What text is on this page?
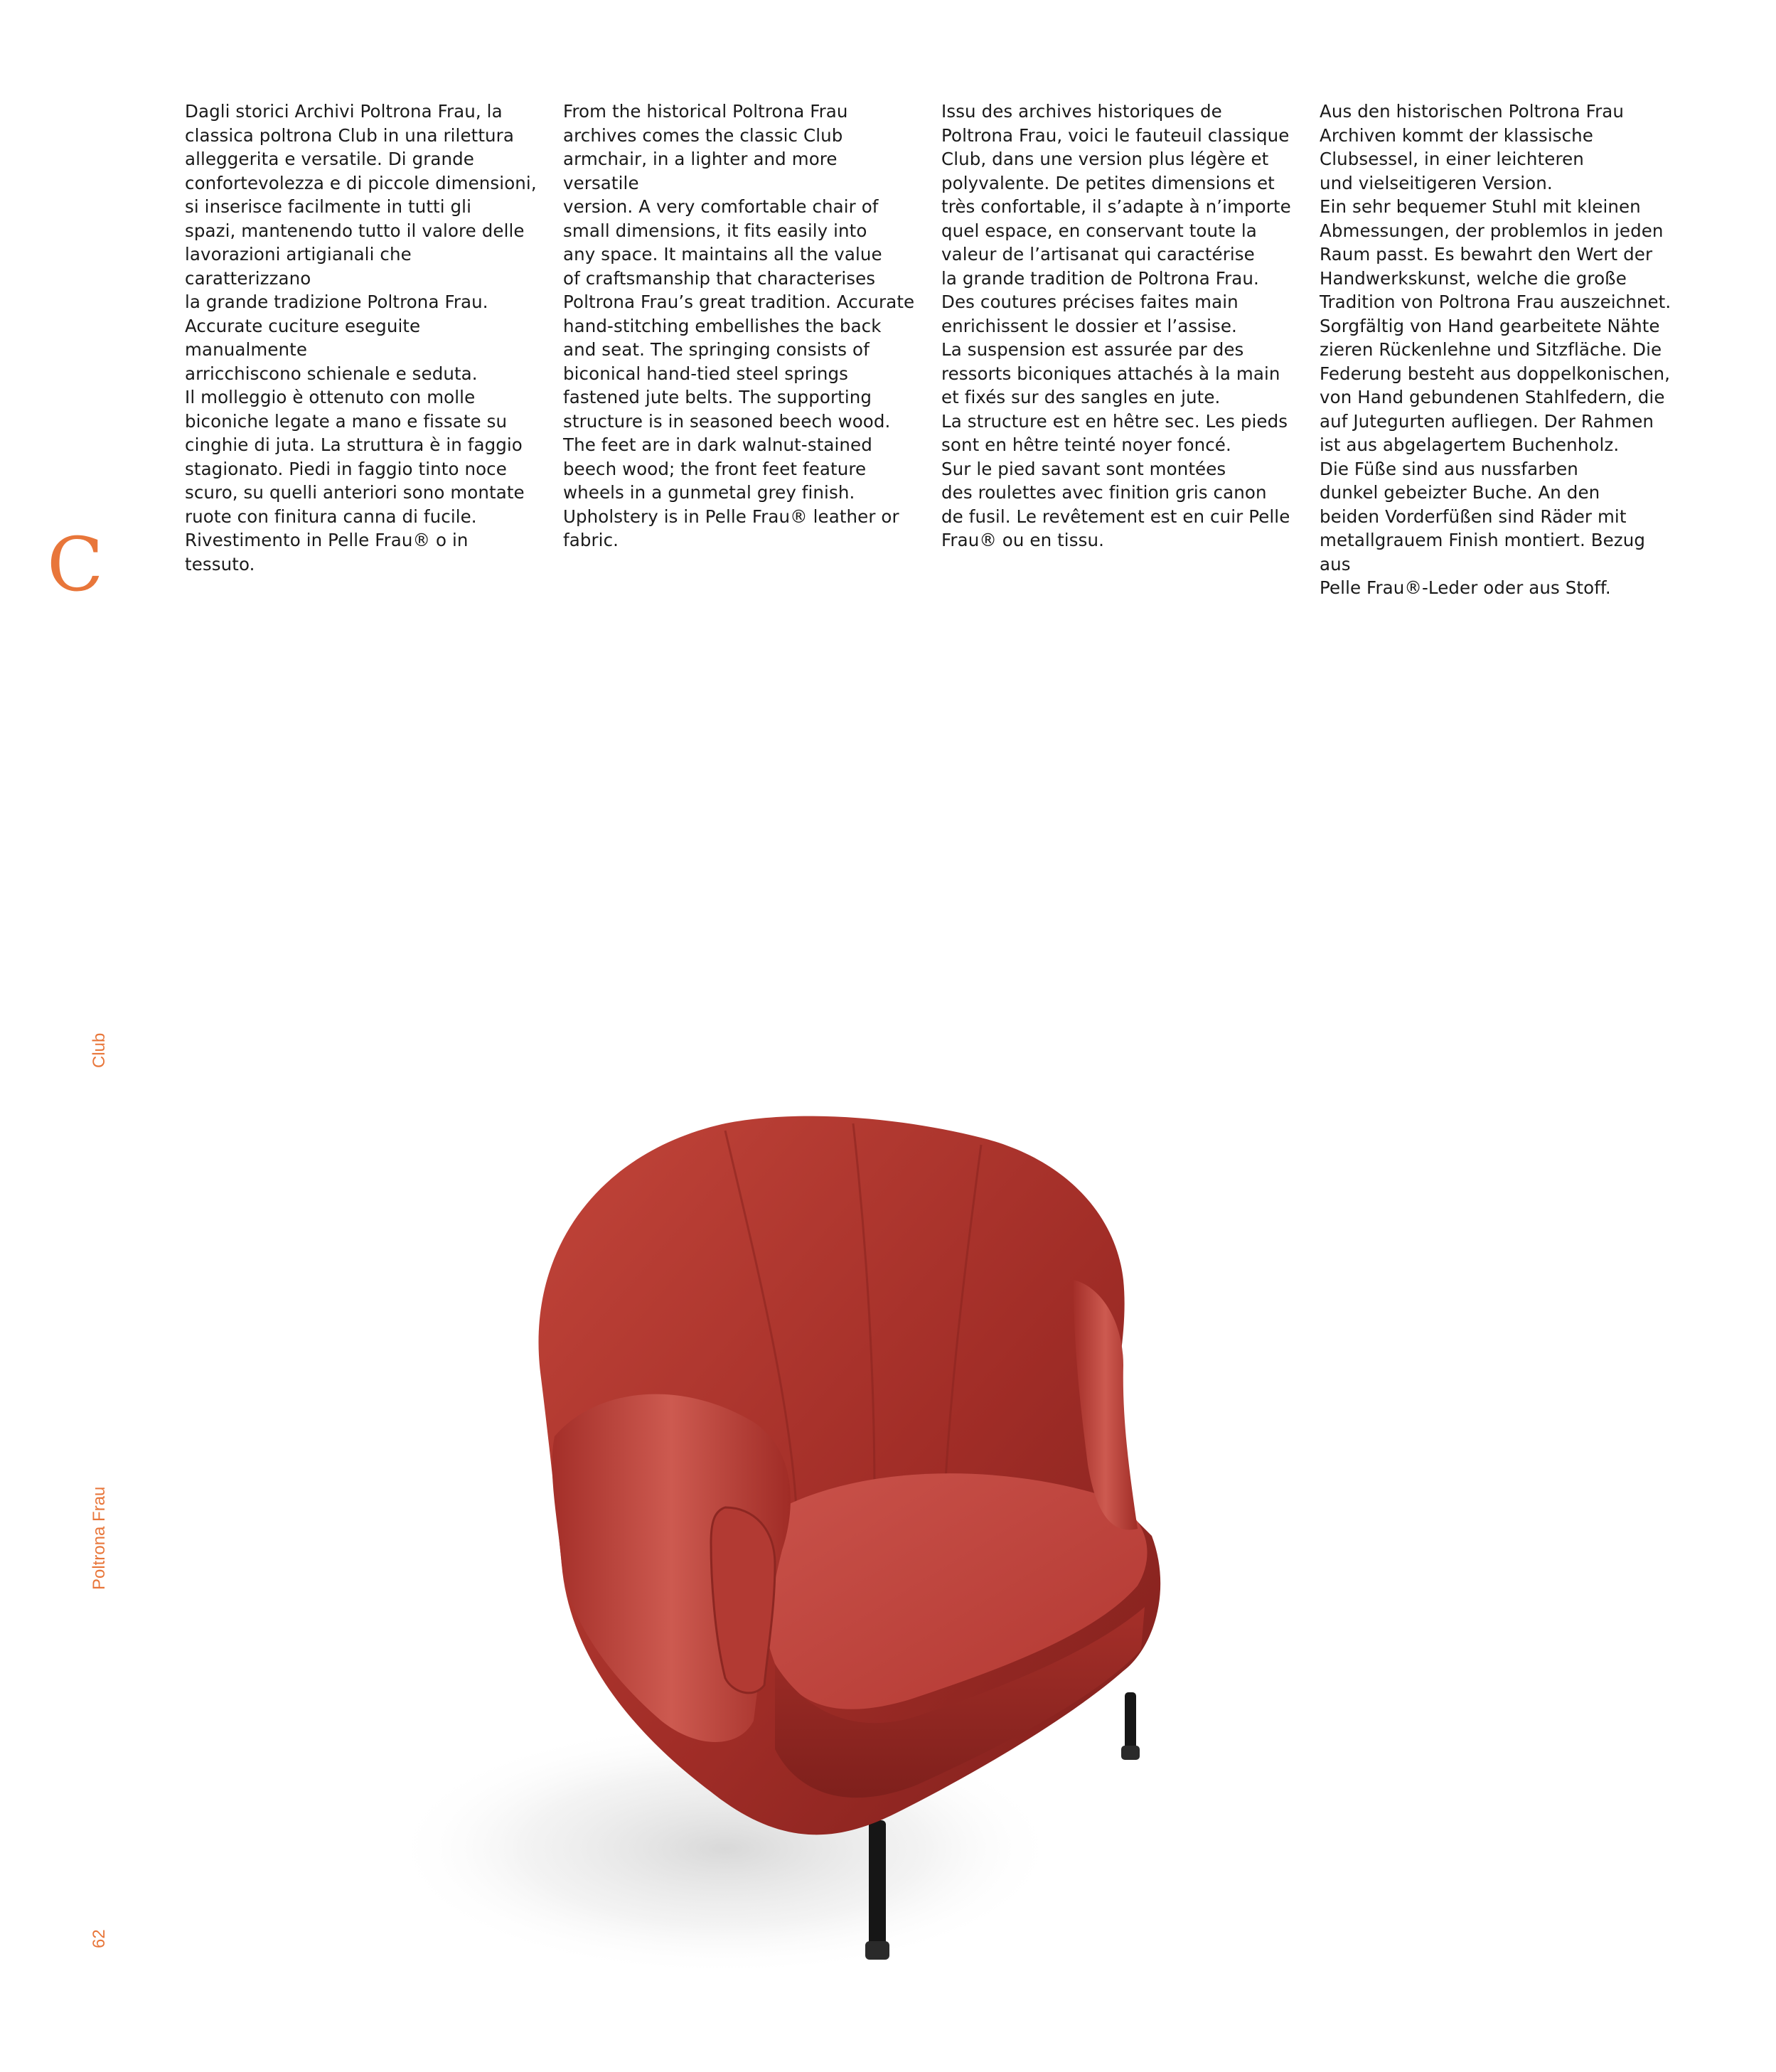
Dagli storici Archivi Poltrona Frau, la
classica poltrona Club in una rilettura
alleggerita e versatile. Di grande
confortevolezza e di piccole dimensioni,
si inserisce facilmente in tutti gli
spazi, mantenendo tutto il valore delle
lavorazioni artigianali che caratterizzano
la grande tradizione Poltrona Frau.
Accurate cuciture eseguite manualmente
arricchiscono schienale e seduta.
Il molleggio è ottenuto con molle
biconiche legate a mano e fissate su
cinghie di juta. La struttura è in faggio
stagionato. Piedi in faggio tinto noce
scuro, su quelli anteriori sono montate
ruote con finitura canna di fucile.
Rivestimento in Pelle Frau® o in tessuto.
From the historical Poltrona Frau
archives comes the classic Club
armchair, in a lighter and more versatile
version. A very comfortable chair of
small dimensions, it fits easily into
any space. It maintains all the value
of craftsmanship that characterises
Poltrona Frau’s great tradition. Accurate
hand-stitching embellishes the back
and seat. The springing consists of
biconical hand-tied steel springs
fastened jute belts. The supporting
structure is in seasoned beech wood.
The feet are in dark walnut-stained
beech wood; the front feet feature
wheels in a gunmetal grey finish.
Upholstery is in Pelle Frau® leather or
fabric.
Issu des archives historiques de
Poltrona Frau, voici le fauteuil classique
Club, dans une version plus légère et
polyvalente. De petites dimensions et
très confortable, il s’adapte à n’importe
quel espace, en conservant toute la
valeur de l’artisanat qui caractérise
la grande tradition de Poltrona Frau.
Des coutures précises faites main
enrichissent le dossier et l’assise.
La suspension est assurée par des
ressorts biconiques attachés à la main
et fixés sur des sangles en jute.
La structure est en hêtre sec. Les pieds
sont en hêtre teinté noyer foncé.
Sur le pied savant sont montées
des roulettes avec finition gris canon
de fusil. Le revêtement est en cuir Pelle
Frau® ou en tissu.
Aus den historischen Poltrona Frau
Archiven kommt der klassische
Clubsessel, in einer leichteren
und vielseitigeren Version.
Ein sehr bequemer Stuhl mit kleinen
Abmessungen, der problemlos in jeden
Raum passt. Es bewahrt den Wert der
Handwerkskunst, welche die große
Tradition von Poltrona Frau auszeichnet.
Sorgfältig von Hand gearbeitete Nähte
zieren Rückenlehne und Sitzfläche. Die
Federung besteht aus doppelkonischen,
von Hand gebundenen Stahlfedern, die
auf Jutegurten aufliegen. Der Rahmen
ist aus abgelagertem Buchenholz.
Die Füße sind aus nussfarben
dunkel gebeizter Buche. An den
beiden Vorderfüßen sind Räder mit
metallgrauem Finish montiert. Bezug aus
Pelle Frau®-Leder oder aus Stoff.
C
Club
Poltrona Frau
62
